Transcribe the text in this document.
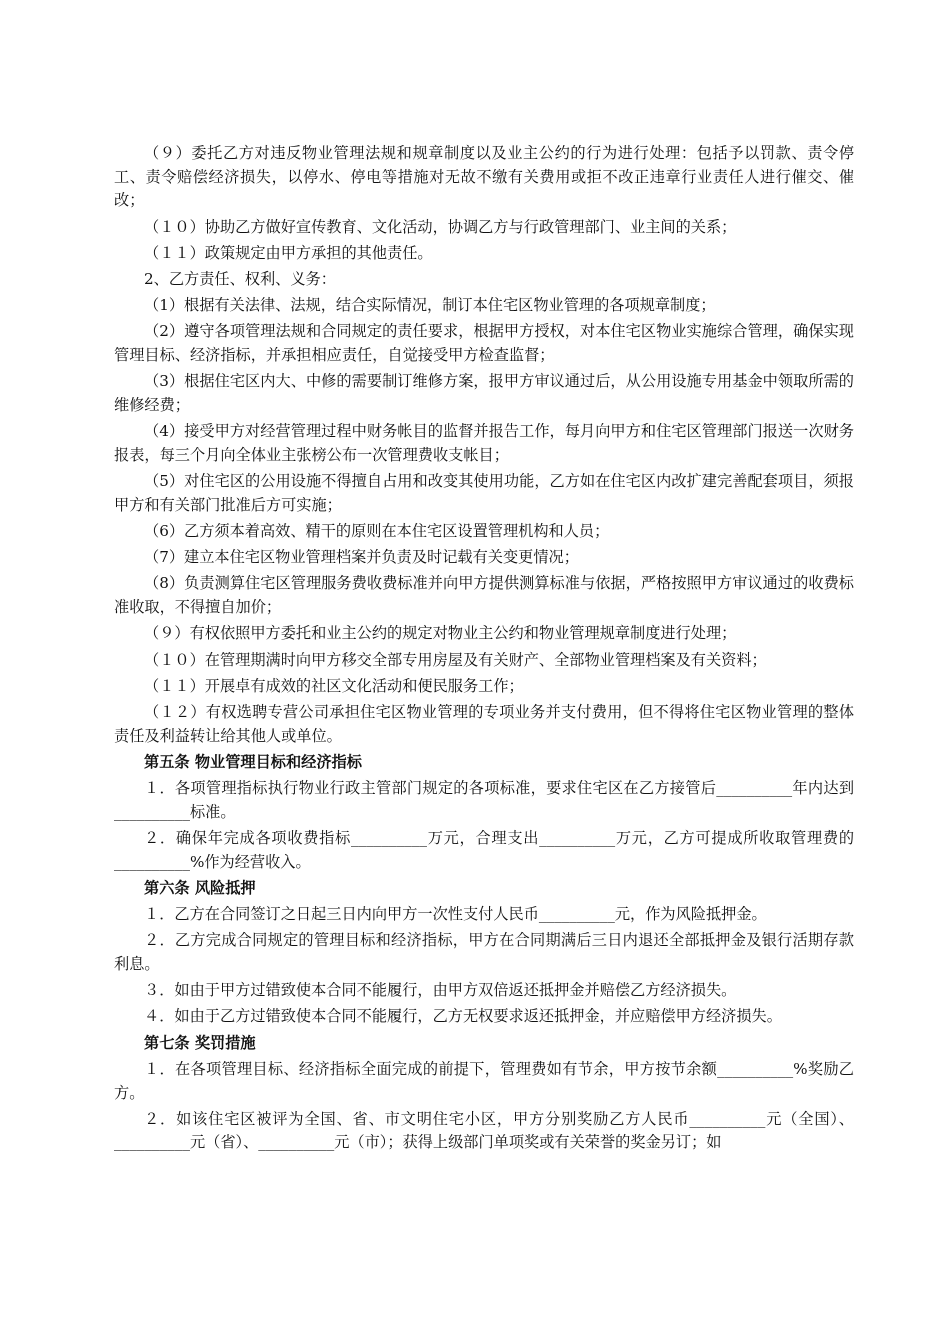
（９）委托乙方对违反物业管理法规和规章制度以及业主公约的行为进行处理：包括予以罚款、责令停工、责令赔偿经济损失，以停水、停电等措施对无故不缴有关费用或拒不改正违章行业责任人进行催交、催改；

（１０）协助乙方做好宣传教育、文化活动，协调乙方与行政管理部门、业主间的关系；

（１１）政策规定由甲方承担的其他责任。

2、乙方责任、权利、义务：

（1）根据有关法律、法规，结合实际情况，制订本住宅区物业管理的各项规章制度；

（2）遵守各项管理法规和合同规定的责任要求，根据甲方授权，对本住宅区物业实施综合管理，确保实现管理目标、经济指标，并承担相应责任，自觉接受甲方检查监督；

（3）根据住宅区内大、中修的需要制订维修方案，报甲方审议通过后，从公用设施专用基金中领取所需的维修经费；

（4）接受甲方对经营管理过程中财务帐目的监督并报告工作，每月向甲方和住宅区管理部门报送一次财务报表，每三个月向全体业主张榜公布一次管理费收支帐目；

（5）对住宅区的公用设施不得擅自占用和改变其使用功能，乙方如在住宅区内改扩建完善配套项目，须报甲方和有关部门批准后方可实施；

（6）乙方须本着高效、精干的原则在本住宅区设置管理机构和人员；

（7）建立本住宅区物业管理档案并负责及时记载有关变更情况；

（8）负责测算住宅区管理服务费收费标准并向甲方提供测算标准与依据，严格按照甲方审议通过的收费标准收取，不得擅自加价；

（９）有权依照甲方委托和业主公约的规定对物业主公约和物业管理规章制度进行处理；

（１０）在管理期满时向甲方移交全部专用房屋及有关财产、全部物业管理档案及有关资料；

（１１）开展卓有成效的社区文化活动和便民服务工作；

（１２）有权选聘专营公司承担住宅区物业管理的专项业务并支付费用，但不得将住宅区物业管理的整体责任及利益转让给其他人或单位。

第五条 物业管理目标和经济指标

１．各项管理指标执行物业行政主管部门规定的各项标准，要求住宅区在乙方接管后__________年内达到__________标准。

２．确保年完成各项收费指标__________万元，合理支出__________万元，乙方可提成所收取管理费的__________%作为经营收入。

第六条 风险抵押

１．乙方在合同签订之日起三日内向甲方一次性支付人民币__________元，作为风险抵押金。

２．乙方完成合同规定的管理目标和经济指标，甲方在合同期满后三日内退还全部抵押金及银行活期存款利息。

３．如由于甲方过错致使本合同不能履行，由甲方双倍返还抵押金并赔偿乙方经济损失。

４．如由于乙方过错致使本合同不能履行，乙方无权要求返还抵押金，并应赔偿甲方经济损失。

第七条 奖罚措施

１．在各项管理目标、经济指标全面完成的前提下，管理费如有节余，甲方按节余额__________%奖励乙方。

２．如该住宅区被评为全国、省、市文明住宅小区，甲方分别奖励乙方人民币__________元（全国）、__________元（省）、__________元（市）；获得上级部门单项奖或有关荣誉的奖金另订；如
